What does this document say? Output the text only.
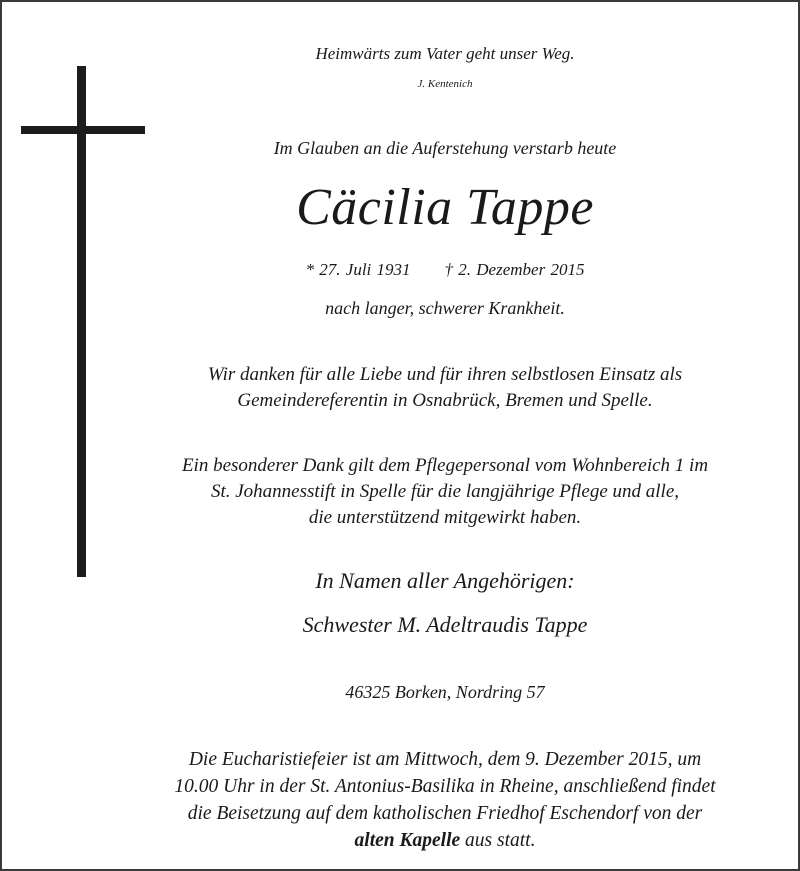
Heimwärts zum Vater geht unser Weg.

J. Kentenich

Im Glauben an die Auferstehung verstarb heute

Cäcilia Tappe

* 27. Juli 1931 † 2. Dezember 2015

nach langer, schwerer Krankheit.

Wir danken für alle Liebe und für ihren selbstlosen Einsatz als
Gemeindereferentin in Osnabrück, Bremen und Spelle.

Ein besonderer Dank gilt dem Pflegepersonal vom Wohnbereich 1 im
St. Johannesstift in Spelle für die langjährige Pflege und alle,
die unterstützend mitgewirkt haben.

In Namen aller Angehörigen:

Schwester M. Adeltraudis Tappe

46325 Borken, Nordring 57

Die Eucharistiefeier ist am Mittwoch, dem 9. Dezember 2015, um
10.00 Uhr in der St. Antonius-Basilika in Rheine, anschließend findet
die Beisetzung auf dem katholischen Friedhof Eschendorf von der
alten Kapelle aus statt.
